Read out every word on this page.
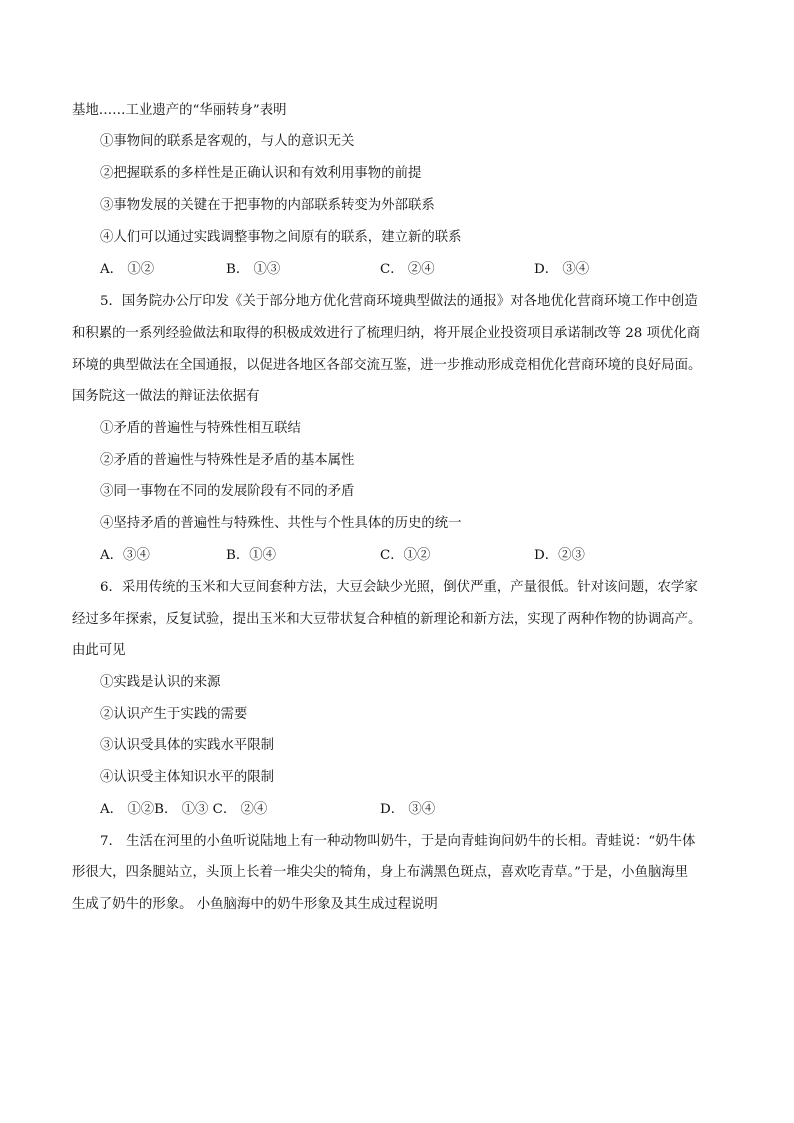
基地……工业遗产的“华丽转身”表明
①事物间的联系是客观的，与人的意识无关
②把握联系的多样性是正确认识和有效利用事物的前提
③事物发展的关键在于把事物的内部联系转变为外部联系
④人们可以通过实践调整事物之间原有的联系，建立新的联系
A． ①②	B． ①③	C． ②④	D． ③④
5．国务院办公厅印发《关于部分地方优化营商环境典型做法的通报》对各地优化营商环境工作中创造
和积累的一系列经验做法和取得的积极成效进行了梳理归纳，将开展企业投资项目承诺制改等 28 项优化商
环境的典型做法在全国通报，以促进各地区各部交流互鉴，进一步推动形成竞相优化营商环境的良好局面。
国务院这一做法的辩证法依据有
①矛盾的普遍性与特殊性相互联结
②矛盾的普遍性与特殊性是矛盾的基本属性
③同一事物在不同的发展阶段有不同的矛盾
④坚持矛盾的普遍性与特殊性、共性与个性具体的历史的统一
A．③④	B．①④	C．①②	D．②③
6．采用传统的玉米和大豆间套种方法，大豆会缺少光照，倒伏严重，产量很低。针对该问题，农学家
经过多年探索，反复试验，提出玉米和大豆带状复合种植的新理论和新方法，实现了两种作物的协调高产。
由此可见
①实践是认识的来源
②认识产生于实践的需要
③认识受具体的实践水平限制
④认识受主体知识水平的限制
A． ①②B． ①③ C． ②④	D． ③④
7． 生活在河里的小鱼听说陆地上有一种动物叫奶牛，于是向青蛙询问奶牛的长相。青蛙说：“奶牛体
形很大，四条腿站立，头顶上长着一堆尖尖的犄角，身上布满黑色斑点，喜欢吃青草。”于是，小鱼脑海里
生成了奶牛的形象。 小鱼脑海中的奶牛形象及其生成过程说明
